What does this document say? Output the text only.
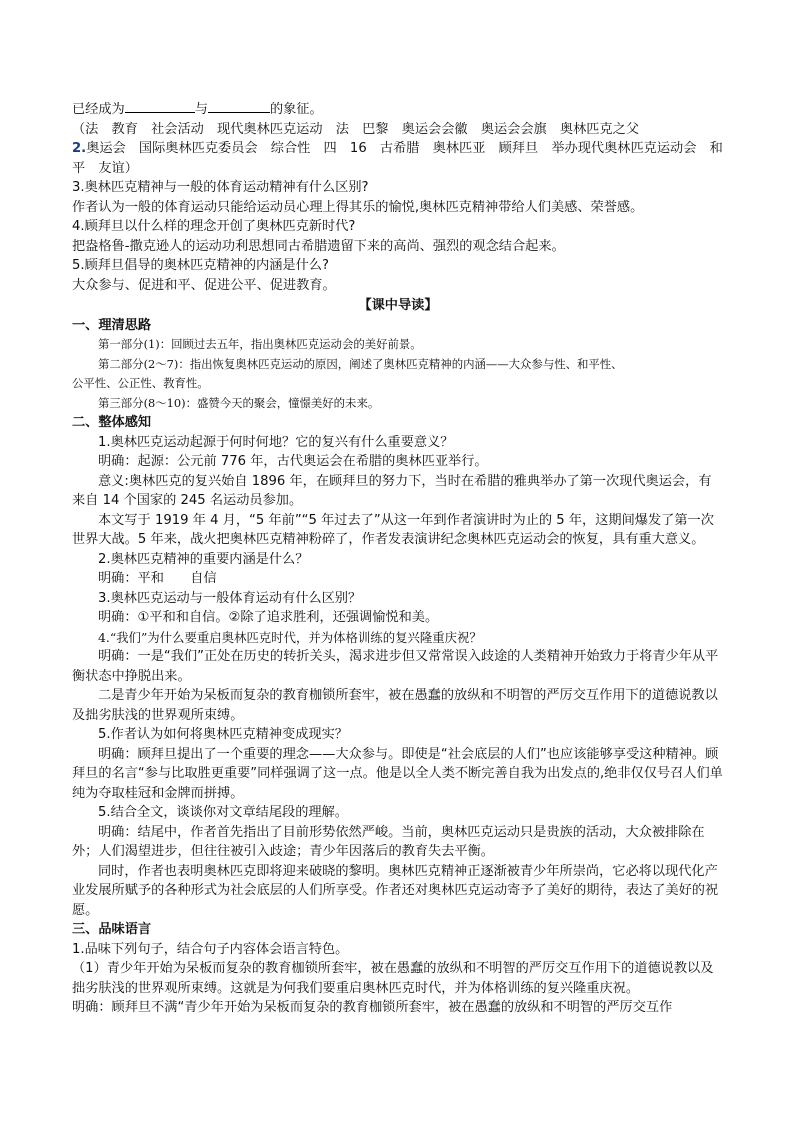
已经成为	与	的象征。

（法　教育　社会活动　现代奥林匹克运动　法　巴黎　奥运会会徽　奥运会会旗　奥林匹克之父

2.奥运会　国际奥林匹克委员会　综合性　四　16　古希腊　奥林匹亚　顾拜旦　举办现代奥林匹克运动会　和平　友谊）

3.奥林匹克精神与一般的体育运动精神有什么区别?

作者认为一般的体育运动只能给运动员心理上得其乐的愉悦,奥林匹克精神带给人们美感、荣誉感。

4.顾拜旦以什么样的理念开创了奥林匹克新时代?

把盎格鲁-撒克逊人的运动功利思想同古希腊遗留下来的高尚、强烈的观念结合起来。

5.顾拜旦倡导的奥林匹克精神的内涵是什么?

大众参与、促进和平、促进公平、促进教育。

【课中导读】

一、理清思路

第一部分(1)：回顾过去五年，指出奥林匹克运动会的美好前景。

第二部分(2～7)：指出恢复奥林匹克运动的原因，阐述了奥林匹克精神的内涵——大众参与性、和平性、

公平性、公正性、教育性。

第三部分(8～10)：盛赞今天的聚会，憧憬美好的未来。

二、整体感知

1.奥林匹克运动起源于何时何地？它的复兴有什么重要意义？

明确：起源：公元前 776 年，古代奥运会在希腊的奥林匹亚举行。

意义:奥林匹克的复兴始自 1896 年，在顾拜旦的努力下，当时在希腊的雅典举办了第一次现代奥运会，有来自 14 个国家的 245 名运动员参加。

本文写于 1919 年 4 月，“5 年前”“5 年过去了”从这一年到作者演讲时为止的 5 年，这期间爆发了第一次世界大战。5 年来，战火把奥林匹克精神粉碎了，作者发表演讲纪念奥林匹克运动会的恢复，具有重大意义。

2.奥林匹克精神的重要内涵是什么？

明确：平和　　自信

3.奥林匹克运动与一般体育运动有什么区别？

明确：①平和和自信。②除了追求胜利，还强调愉悦和美。

4.“我们”为什么要重启奥林匹克时代，并为体格训练的复兴隆重庆祝？

明确：一是“我们”正处在历史的转折关头，渴求进步但又常常误入歧途的人类精神开始致力于将青少年从平衡状态中挣脱出来。

二是青少年开始为呆板而复杂的教育枷锁所套牢，被在愚蠢的放纵和不明智的严厉交互作用下的道德说教以及拙劣肤浅的世界观所束缚。

5.作者认为如何将奥林匹克精神变成现实？

明确：顾拜旦提出了一个重要的理念——大众参与。即使是“社会底层的人们”也应该能够享受这种精神。顾拜旦的名言“参与比取胜更重要”同样强调了这一点。他是以全人类不断完善自我为出发点的,绝非仅仅号召人们单纯为夺取桂冠和金牌而拼搏。

5.结合全文，谈谈你对文章结尾段的理解。

明确：结尾中，作者首先指出了目前形势依然严峻。当前，奥林匹克运动只是贵族的活动，大众被排除在外；人们渴望进步，但往往被引入歧途；青少年因落后的教育失去平衡。

同时，作者也表明奥林匹克即将迎来破晓的黎明。奥林匹克精神正逐渐被青少年所崇尚，它必将以现代化产业发展所赋予的各种形式为社会底层的人们所享受。作者还对奥林匹克运动寄予了美好的期待，表达了美好的祝愿。

三、品味语言

1.品味下列句子，结合句子内容体会语言特色。

（1）青少年开始为呆板而复杂的教育枷锁所套牢，被在愚蠢的放纵和不明智的严厉交互作用下的道德说教以及拙劣肤浅的世界观所束缚。这就是为何我们要重启奥林匹克时代，并为体格训练的复兴隆重庆祝。

明确：顾拜旦不满“青少年开始为呆板而复杂的教育枷锁所套牢，被在愚蠢的放纵和不明智的严厉交互作
